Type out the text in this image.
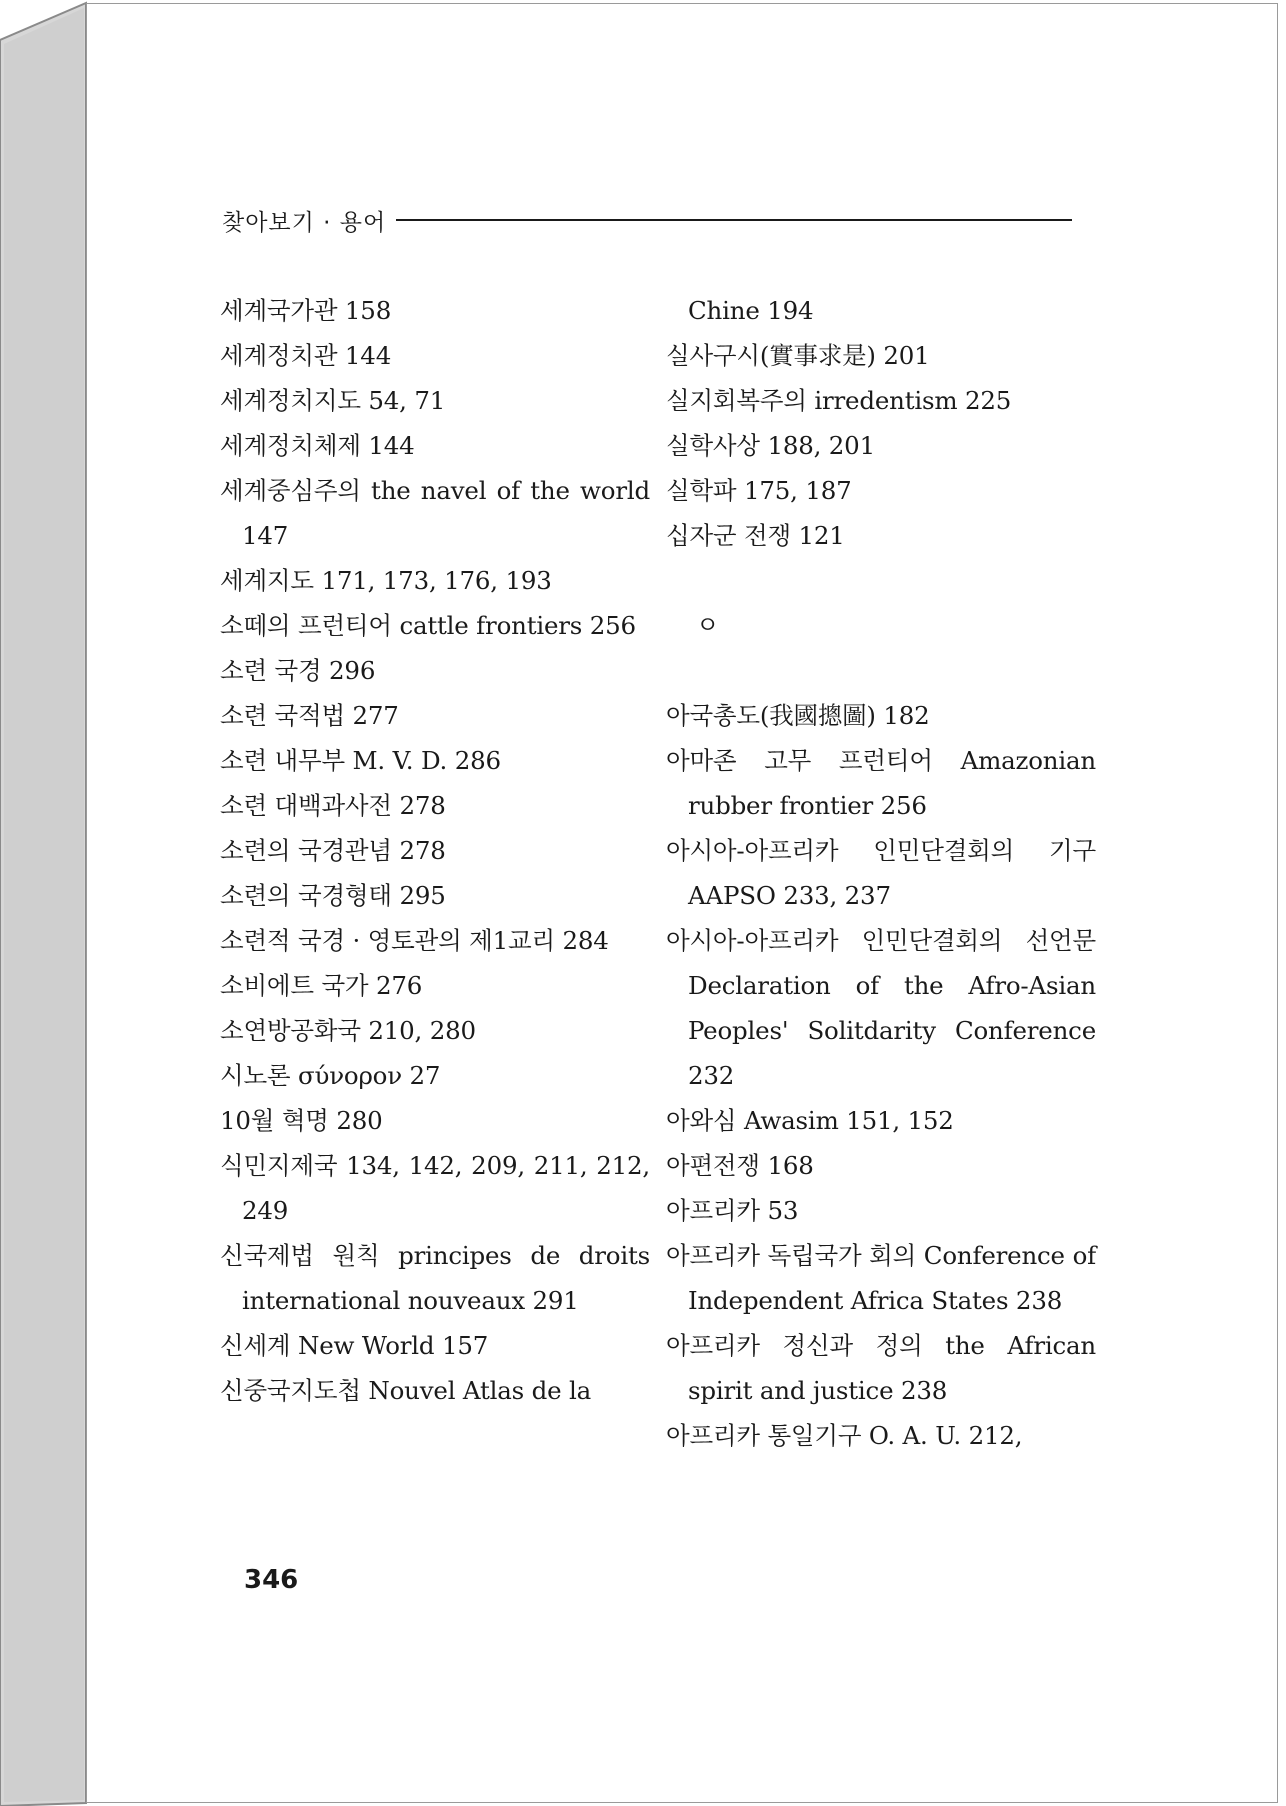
찾아보기 · 용어
세계국가관 158
세계정치관 144
세계정치지도 54, 71
세계정치체제 144
세계중심주의 the navel of the world 147
세계지도 171, 173, 176, 193
소떼의 프런티어 cattle frontiers 256
소련 국경 296
소련 국적법 277
소련 내무부 M. V. D. 286
소련 대백과사전 278
소련의 국경관념 278
소련의 국경형태 295
소련적 국경 · 영토관의 제1교리 284
소비에트 국가 276
소연방공화국 210, 280
시노론 σύνορον 27
10월 혁명 280
식민지제국 134, 142, 209, 211, 212, 249
신국제법 원칙 principes de droits international nouveaux 291
신세계 New World 157
신중국지도첩 Nouvel Atlas de la
Chine 194
실사구시(實事求是) 201
실지회복주의 irredentism 225
실학사상 188, 201
실학파 175, 187
십자군 전쟁 121
ㅇ
아국총도(我國摠圖) 182
아마존 고무 프런티어 Amazonian rubber frontier 256
아시아-아프리카 인민단결회의 기구 AAPSO 233, 237
아시아-아프리카 인민단결회의 선언문 Declaration of the Afro-Asian Peoples' Solitdarity Conference 232
아와심 Awasim 151, 152
아편전쟁 168
아프리카 53
아프리카 독립국가 회의 Conference of Independent Africa States 238
아프리카 정신과 정의 the African spirit and justice 238
아프리카 통일기구 O. A. U. 212,
346
